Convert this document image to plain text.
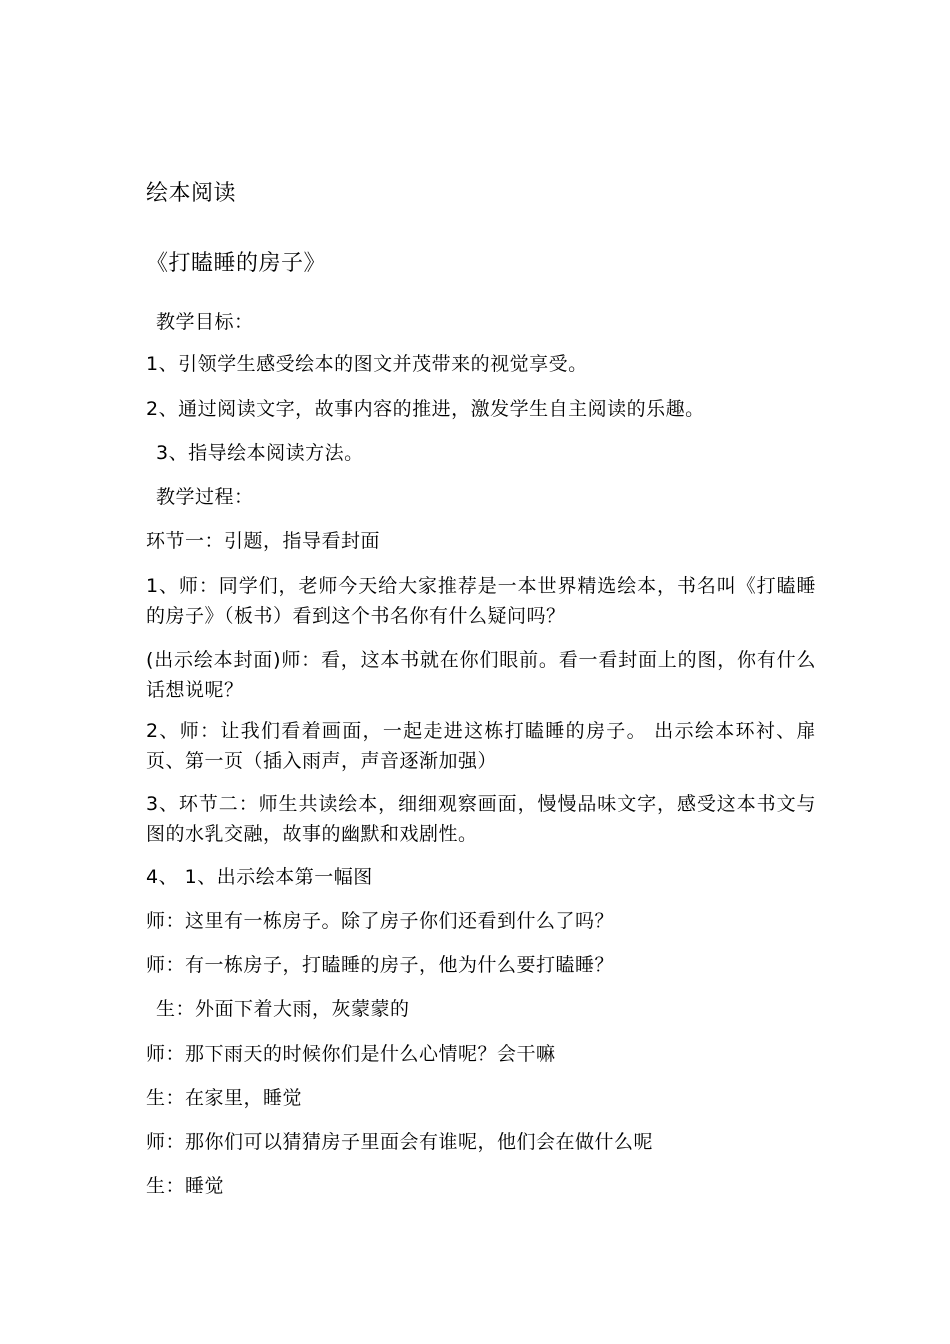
绘本阅读
《打瞌睡的房子》
教学目标：
1、引领学生感受绘本的图文并茂带来的视觉享受。
2、通过阅读文字，故事内容的推进，激发学生自主阅读的乐趣。
3、指导绘本阅读方法。
教学过程：
环节一：引题，指导看封面
1、师：同学们，老师今天给大家推荐是一本世界精选绘本，书名叫《打瞌睡的房子》（板书）看到这个书名你有什么疑问吗？
(出示绘本封面)师：看，这本书就在你们眼前。看一看封面上的图，你有什么话想说呢？
2、师：让我们看着画面，一起走进这栋打瞌睡的房子。 出示绘本环衬、扉页、第一页（插入雨声，声音逐渐加强）
3、环节二：师生共读绘本，细细观察画面，慢慢品味文字，感受这本书文与图的水乳交融，故事的幽默和戏剧性。
4、 1、出示绘本第一幅图
师：这里有一栋房子。除了房子你们还看到什么了吗？
师：有一栋房子，打瞌睡的房子，他为什么要打瞌睡？
生：外面下着大雨，灰蒙蒙的
师：那下雨天的时候你们是什么心情呢？会干嘛
生：在家里，睡觉
师：那你们可以猜猜房子里面会有谁呢，他们会在做什么呢
生：睡觉
